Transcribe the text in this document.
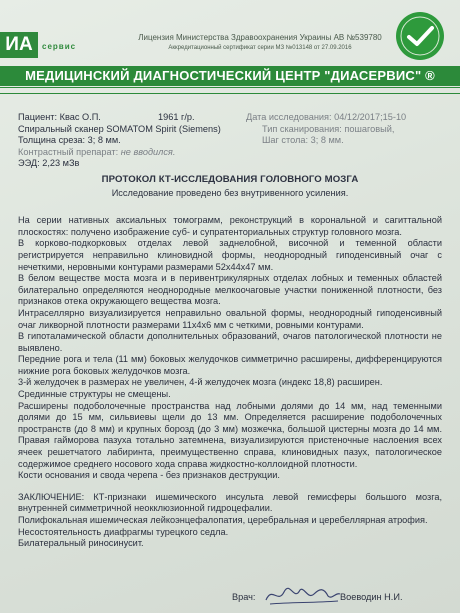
ИА	сервис
Лицензия Министерства Здравоохранения Украины АВ №539780
Аккредитационный сертификат серии МЗ №013148 от 27.09.2016
МЕДИЦИНСКИЙ ДИАГНОСТИЧЕСКИЙ ЦЕНТР "ДИАСЕРВИС" ®
Пациент: Квас О.П.	1961 г/р.	Дата исследования: 04/12/2017;15-10
Спиральный сканер SOMATOM Spirit (Siemens)	Тип сканирования: пошаговый,
Толщина среза: 3; 8 мм.	Шаг стола: 3; 8 мм.
Контрастный препарат: не вводился.
ЭЭД: 2,23 мЗв
ПРОТОКОЛ КТ-ИССЛЕДОВАНИЯ ГОЛОВНОГО МОЗГА
Исследование проведено без внутривенного усиления.

На серии нативных аксиальных томограмм, реконструкций в корональной и сагиттальной плоскостях: получено изображение суб- и супратенториальных структур головного мозга.

В корково-подкорковых отделах левой заднелобной, височной и теменной области регистрируется неправильно клиновидной формы, неоднородный гиподенсивный очаг с нечеткими, неровными контурами размерами 52х44х47 мм.

В белом веществе моста мозга и в перивентрикулярных отделах лобных и теменных областей билатерально определяются неоднородные мелкоочаговые участки пониженной плотности, без признаков отека окружающего вещества мозга.

Интраселлярно визуализируется неправильно овальной формы, неоднородный гиподенсивный очаг ликворной плотности размерами 11х4х6 мм с четкими, ровными контурами.

В гипоталамической области дополнительных образований, очагов патологической плотности не выявлено.

Передние рога и тела (11 мм) боковых желудочков симметрично расширены, дифференцируются нижние рога боковых желудочков мозга.

3-й желудочек в размерах не увеличен, 4-й желудочек мозга (индекс 18,8) расширен.

Срединные структуры не смещены.

Расширены подоболочечные пространства над лобными долями до 14 мм, над теменными долями до 15 мм, сильвиевы щели до 13 мм. Определяется расширение подоболочечных пространств (до 8 мм) и крупных борозд (до 3 мм) мозжечка, большой цистерны мозга до 14 мм. Правая гайморова пазуха тотально затемнена, визуализируются пристеночные наслоения всех ячеек решетчатого лабиринта, преимущественно справа, клиновидных пазух, патологическое содержимое среднего носового хода справа жидкостно-коллоидной плотности.

Кости основания и свода черепа - без признаков деструкции.

ЗАКЛЮЧЕНИЕ: КТ-признаки ишемического инсульта левой гемисферы большого мозга, внутренней симметричной неокклюзионной гидроцефалии.

Полифокальная ишемическая лейкоэнцефалопатия, церебральная и церебеллярная атрофия.

Несостоятельность диафрагмы турецкого седла.

Билатеральный риносинусит.

Врач:	Воеводин Н.И.
